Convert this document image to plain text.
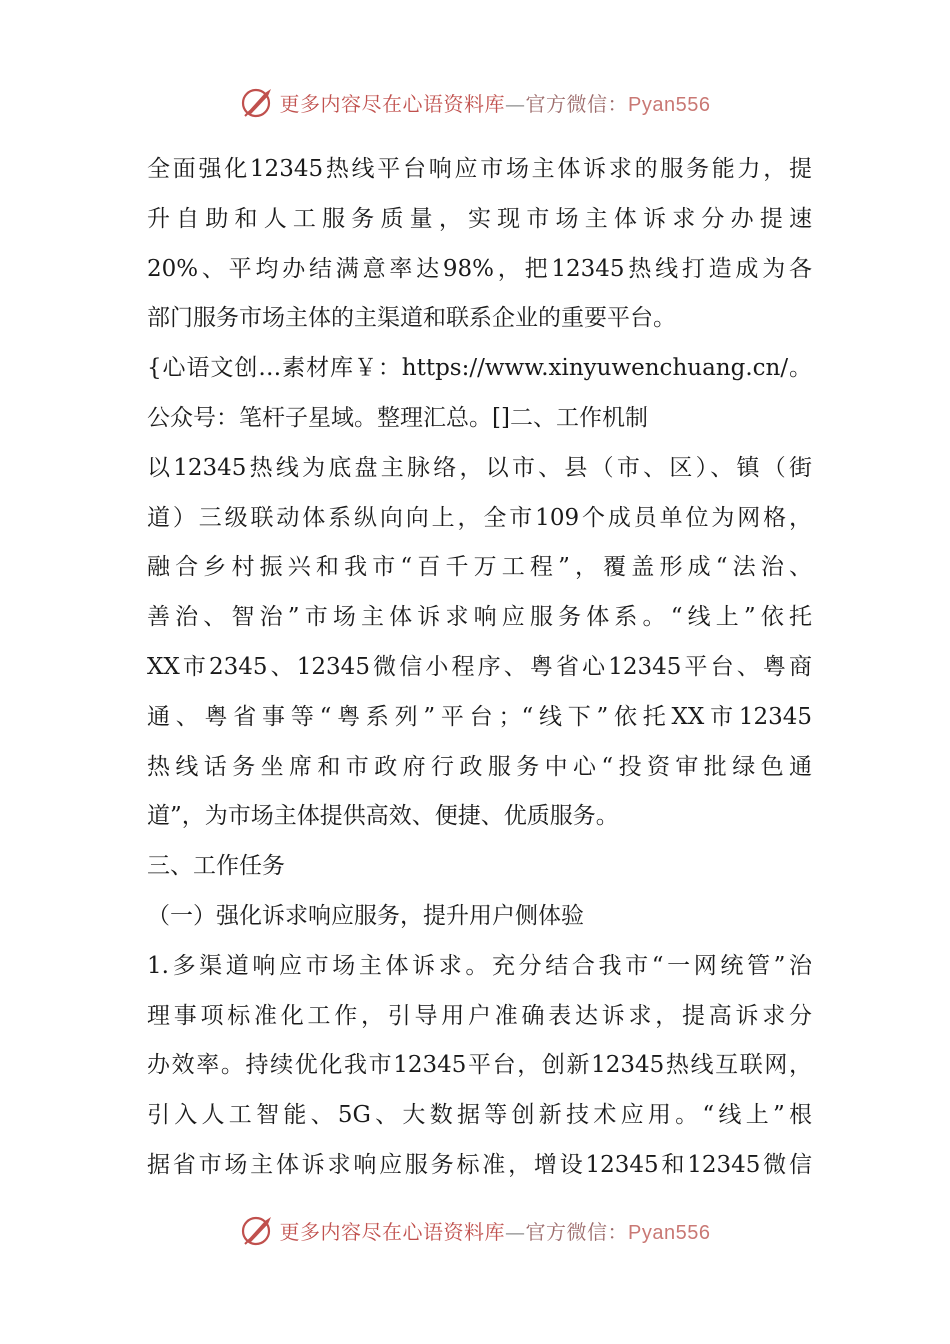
更多内容尽在心语资料库—官方微信：Pyan556
全面强化12345热线平台响应市场主体诉求的服务能力，提
升自助和人工服务质量，实现市场主体诉求分办提速
20%、平均办结满意率达98%，把12345热线打造成为各
部门服务市场主体的主渠道和联系企业的重要平台。
{心语文创…素材库￥：https://www.xinyuwenchuang.cn/。
公众号：笔杆子星域。整理汇总。[]二、工作机制
以12345热线为底盘主脉络，以市、县（市、区）、镇（街
道）三级联动体系纵向向上，全市109个成员单位为网格，
融合乡村振兴和我市“百千万工程”，覆盖形成“法治、
善治、智治”市场主体诉求响应服务体系。“线上”依托
XX市2345、12345微信小程序、粤省心12345平台、粤商
通、粤省事等“粤系列”平台；“线下”依托XX市12345
热线话务坐席和市政府行政服务中心“投资审批绿色通
道”，为市场主体提供高效、便捷、优质服务。
三、工作任务
（一）强化诉求响应服务，提升用户侧体验
1.多渠道响应市场主体诉求。充分结合我市“一网统管”治
理事项标准化工作，引导用户准确表达诉求，提高诉求分
办效率。持续优化我市12345平台，创新12345热线互联网，
引入人工智能、5G、大数据等创新技术应用。“线上”根
据省市场主体诉求响应服务标准，增设12345和12345微信
更多内容尽在心语资料库—官方微信：Pyan556
